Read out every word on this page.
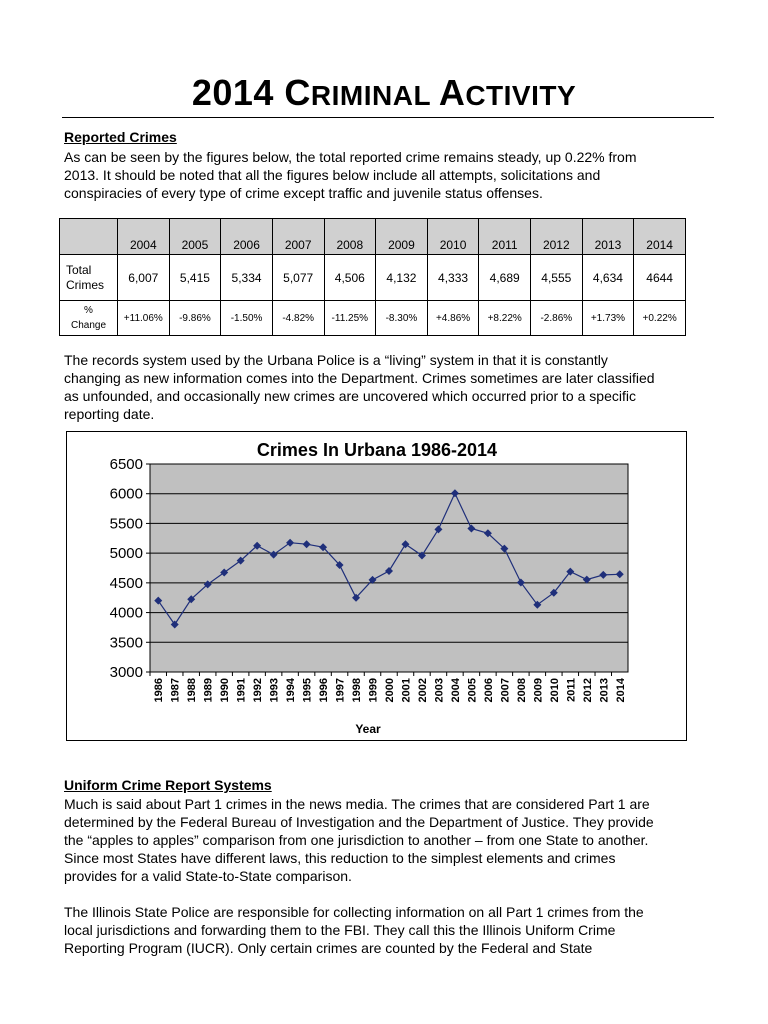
2014 CRIMINAL ACTIVITY
Reported Crimes
As can be seen by the figures below, the total reported crime remains steady, up 0.22% from
2013. It should be noted that all the figures below include all attempts, solicitations and
conspiracies of every type of crime except traffic and juvenile status offenses.
	2004	2005	2006	2007	2008	2009	2010	2011	2012	2013	2014

Total
Crimes	6,007	5,415	5,334	5,077	4,506	4,132	4,333	4,689	4,555	4,634	4644

%
Change	+11.06%	-9.86%	-1.50%	-4.82%	-11.25%	-8.30%	+4.86%	+8.22%	-2.86%	+1.73%	+0.22%
The records system used by the Urbana Police is a “living” system in that it is constantly
changing as new information comes into the Department. Crimes sometimes are later classified
as unfounded, and occasionally new crimes are uncovered which occurred prior to a specific
reporting date.
Crimes In Urbana 1986-2014
3000
3500
4000
4500
5000
5500
6000
6500
1986 1987 1988 1989 1990 1991 1992 1993 1994 1995 1996 1997 1998 1999 2000 2001 2002 2003 2004 2005 2006 2007 2008 2009 2010 2011 2012 2013 2014
Year
Uniform Crime Report Systems
Much is said about Part 1 crimes in the news media. The crimes that are considered Part 1 are
determined by the Federal Bureau of Investigation and the Department of Justice. They provide
the “apples to apples” comparison from one jurisdiction to another – from one State to another.
Since most States have different laws, this reduction to the simplest elements and crimes
provides for a valid State-to-State comparison.
The Illinois State Police are responsible for collecting information on all Part 1 crimes from the
local jurisdictions and forwarding them to the FBI. They call this the Illinois Uniform Crime
Reporting Program (IUCR). Only certain crimes are counted by the Federal and State
